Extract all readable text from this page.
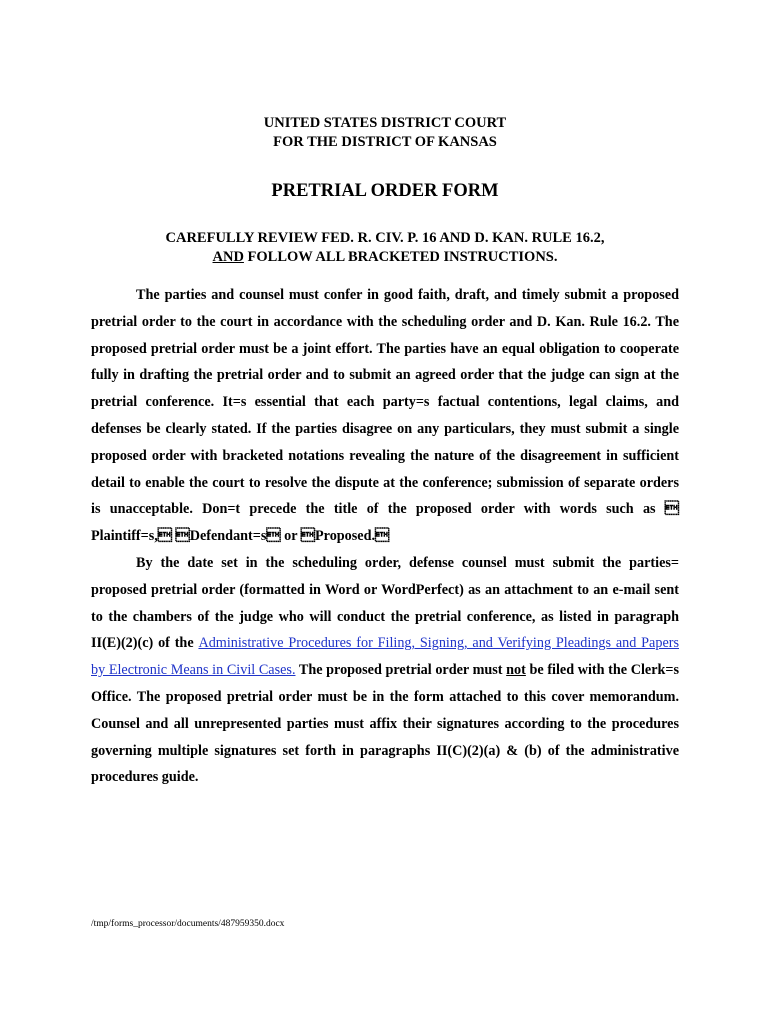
UNITED STATES DISTRICT COURT
FOR THE DISTRICT OF KANSAS
PRETRIAL ORDER FORM
CAREFULLY REVIEW FED. R. CIV. P. 16 AND D. KAN. RULE 16.2,
AND FOLLOW ALL BRACKETED INSTRUCTIONS.

The parties and counsel must confer in good faith, draft, and timely submit a proposed pretrial order to the court in accordance with the scheduling order and D. Kan. Rule 16.2. The proposed pretrial order must be a joint effort. The parties have an equal obligation to cooperate fully in drafting the pretrial order and to submit an agreed order that the judge can sign at the pretrial conference. It=s essential that each party=s factual contentions, legal claims, and defenses be clearly stated. If the parties disagree on any particulars, they must submit a single proposed order with bracketed notations revealing the nature of the disagreement in sufficient detail to enable the court to resolve the dispute at the conference; submission of separate orders is unacceptable. Don=t precede the title of the proposed order with words such as  Plaintiff=s, Defendant=s or Proposed.

By the date set in the scheduling order, defense counsel must submit the parties= proposed pretrial order (formatted in Word or WordPerfect) as an attachment to an e-mail sent to the chambers of the judge who will conduct the pretrial conference, as listed in paragraph II(E)(2)(c) of the Administrative Procedures for Filing, Signing, and Verifying Pleadings and Papers by Electronic Means in Civil Cases. The proposed pretrial order must not be filed with the Clerk=s Office. The proposed pretrial order must be in the form attached to this cover memorandum. Counsel and all unrepresented parties must affix their signatures according to the procedures governing multiple signatures set forth in paragraphs II(C)(2)(a) & (b) of the administrative procedures guide.

/tmp/forms_processor/documents/487959350.docx
